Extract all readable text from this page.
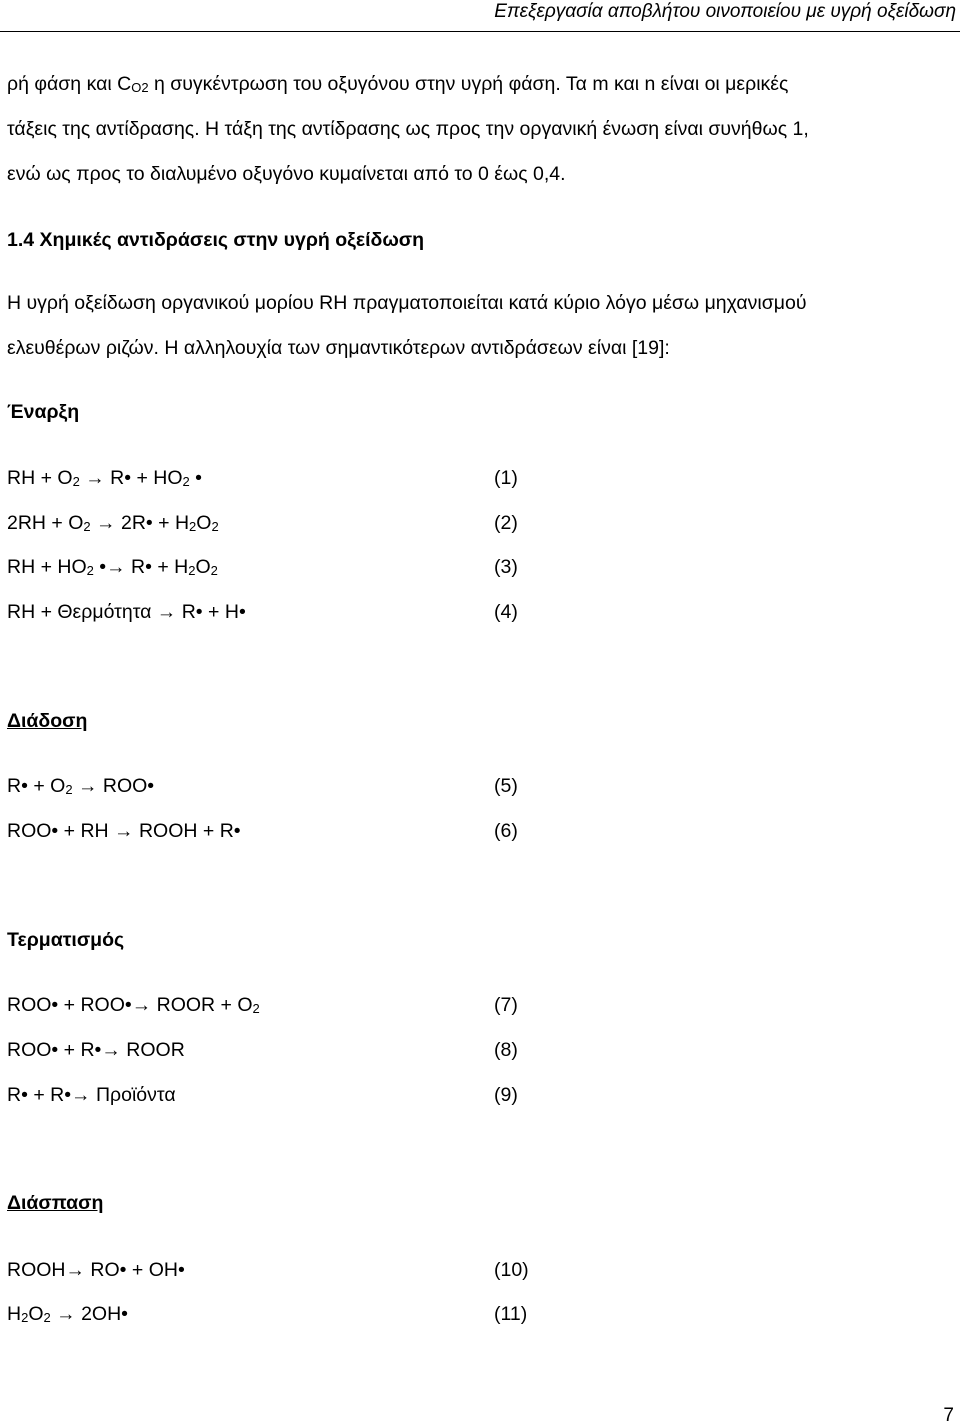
Επεξεργασία αποβλήτου οινοποιείου με υγρή οξείδωση
ρή φάση και $C_{O2}$ η συγκέντρωση του οξυγόνου στην υγρή φάση. Τα m και n είναι οι μερικές
τάξεις της αντίδρασης. Η τάξη της αντίδρασης ως προς την οργανική ένωση είναι συνήθως 1,
ενώ ως προς το διαλυμένο οξυγόνο κυμαίνεται από το 0 έως 0,4.
1.4 Χημικές αντιδράσεις στην υγρή οξείδωση
Η υγρή οξείδωση οργανικού μορίου RH πραγματοποιείται κατά κύριο λόγο μέσω μηχανισμού
ελευθέρων ριζών. Η αλληλουχία των σημαντικότερων αντιδράσεων είναι [19]:
Έναρξη
RH + $O_2$ → R• + $HO_2$ •	(1)
$2RH + O_2$ → 2R• + $H_2O_2$	(2)
RH + $HO_2$ •→ R• + $H_2O_2$	(3)
RH + Θερμότητα → R• + H•	(4)
Διάδοση
R• + $O_2$ → ROO•	(5)
ROO• + RH → ROOH + R•	(6)
Τερματισμός
ROO• + ROO•→ ROOR + $O_2$	(7)
ROO• + R•→ ROOR	(8)
R• + R•→ Προϊόντα	(9)
Διάσπαση
ROOH→ RO• + OH•	(10)
$H_2O_2$ → 2OH•	(11)
7
